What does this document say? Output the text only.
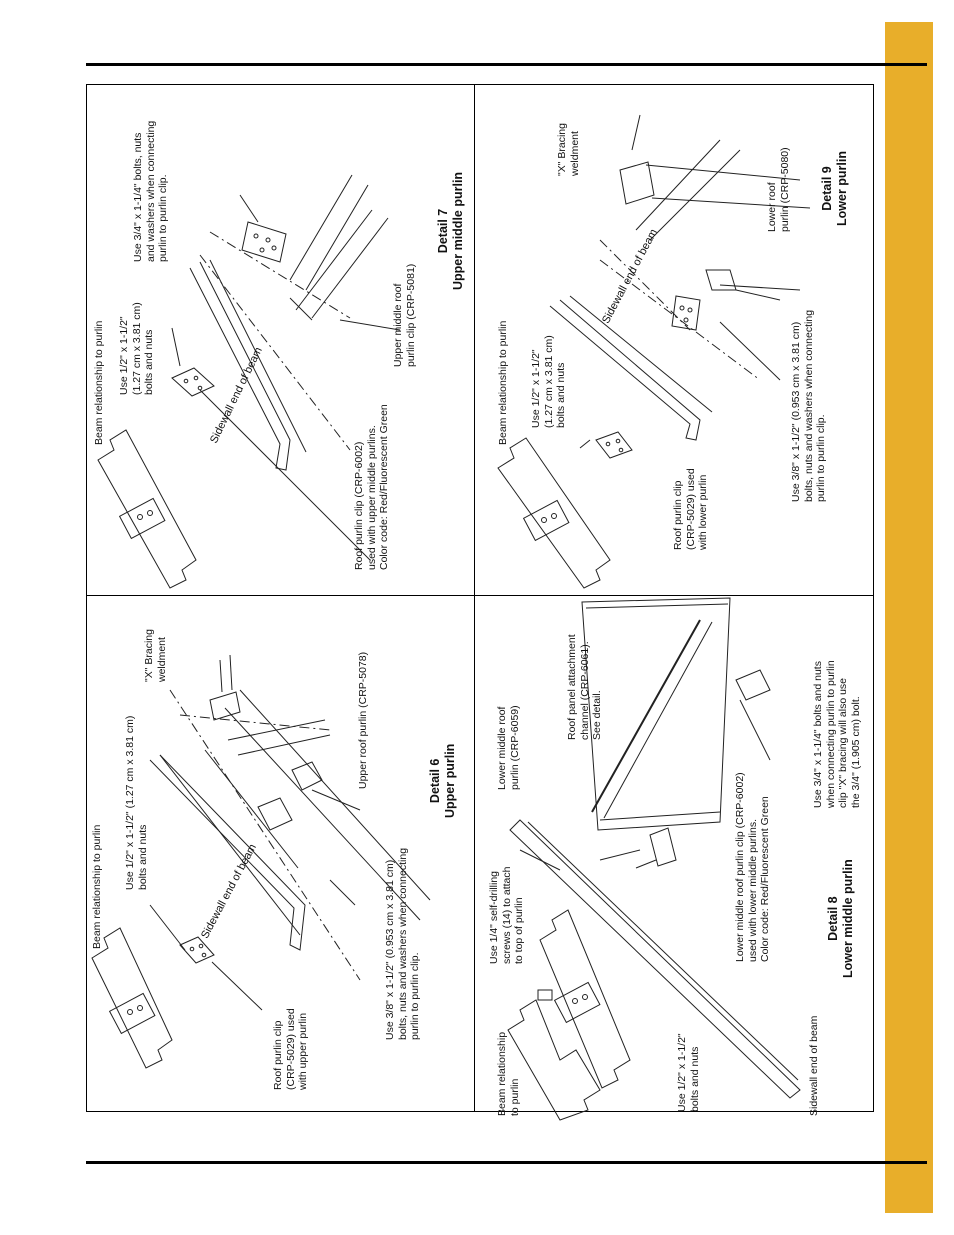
Beam relationship to purlin Use 1/2" x 1-1/2" (1.27 cm x 3.81 cm)
bolts and nuts
"X" Bracing
weldment
Sidewall end of beam
Roof purlin clip
(CRP-5029) used
with upper purlin
Upper roof purlin (CRP-5078)
Use 3/8" x 1-1/2" (0.953 cm x 3.81 cm)
bolts, nuts and washers when connecting
purlin to purlin clip.
Detail 6
Upper purlin
Beam relationship to purlin Use 1/2" x 1-1/2"
(1.27 cm x 3.81 cm)
bolts and nuts
Use 3/4" x 1-1/4" bolts, nuts
and washers when connecting
purlin to purlin clip.
Sidewall end of beam
Roof purlin clip (CRP-6002)
used with upper middle purlins.
Color code: Red/Fluorescent Green
Upper middle roof
purlin clip (CRP-5081)
Detail 7
Upper middle purlin
Beam relationship
to purlin
Use 1/4" self-drilling
screws (14) to attach
to top of purlin
Lower middle roof
purlin (CRP-6059)	Roof panel attachment
channel (CRP-6061).
See detail.
Use 1/2" x 1-1/2"
bolts and nuts
Lower middle roof purlin clip (CRP-6002)
used with lower middle purlins.
Color code: Red/Fluorescent Green
Sidewall end of beam
Use 3/4" x 1-1/4" bolts and nuts
when connecting purlin to purlin
clip "X" bracing will also use
the 3/4" (1.905 cm) bolt.
Detail 8
Lower middle purlin
Beam relationship to purlin Use 1/2" x 1-1/2"
(1.27 cm x 3.81 cm)
bolts and nuts
"X" Bracing
weldment
Sidewall end of beam
Roof purlin clip
(CRP-5029) used
with lower purlin
Lower roof
purlin (CRP-5080)
Use 3/8" x 1-1/2" (0.953 cm x 3.81 cm)
bolts, nuts and washers when connecting
purlin to purlin clip.
Detail 9
Lower purlin
